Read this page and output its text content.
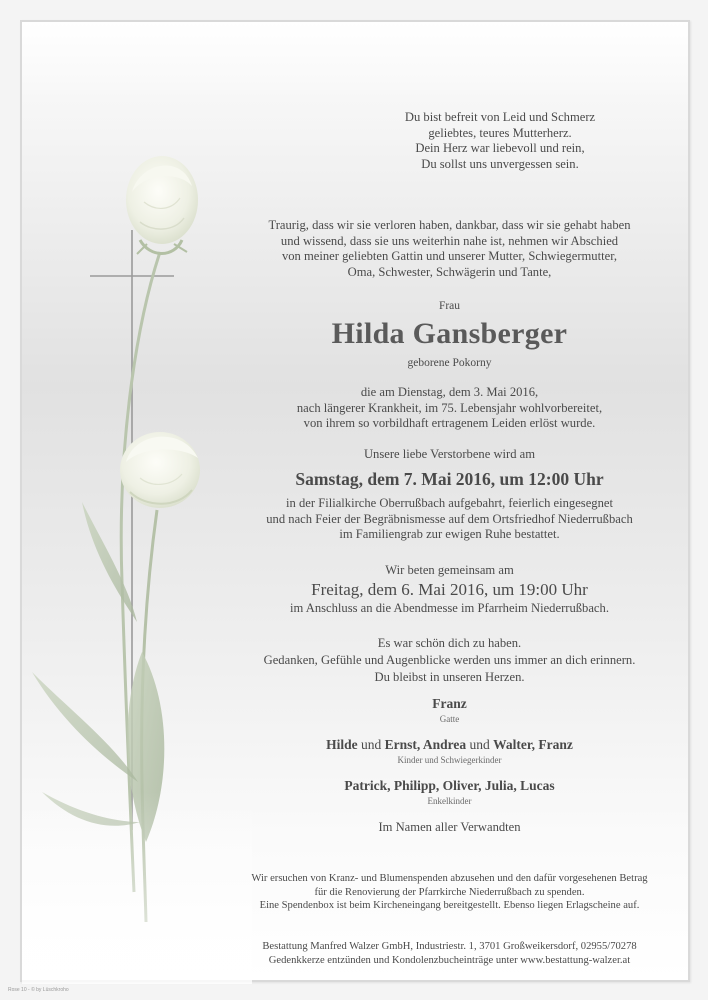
Du bist befreit von Leid und Schmerz

geliebtes, teures Mutterherz.

Dein Herz war liebevoll und rein,

Du sollst uns unvergessen sein.

Traurig, dass wir sie verloren haben, dankbar, dass wir sie gehabt haben

und wissend, dass sie uns weiterhin nahe ist, nehmen wir Abschied

von meiner geliebten Gattin und unserer Mutter, Schwiegermutter,

Oma, Schwester, Schwägerin und Tante,

Frau

Hilda Gansberger

geborene Pokorny

die am Dienstag, dem 3. Mai 2016,

nach längerer Krankheit, im 75. Lebensjahr wohlvorbereitet,

von ihrem so vorbildhaft ertragenem Leiden erlöst wurde.

Unsere liebe Verstorbene wird am

Samstag, dem 7. Mai 2016, um 12:00 Uhr

in der Filialkirche Oberrußbach aufgebahrt, feierlich eingesegnet

und nach Feier der Begräbnismesse auf dem Ortsfriedhof Niederrußbach

im Familiengrab zur ewigen Ruhe bestattet.

Wir beten gemeinsam am

Freitag, dem 6. Mai 2016, um 19:00 Uhr

im Anschluss an die Abendmesse im Pfarrheim Niederrußbach.

Es war schön dich zu haben.

Gedanken, Gefühle und Augenblicke werden uns immer an dich erinnern.

Du bleibst in unseren Herzen.

Franz

Gatte

Hilde und Ernst, Andrea und Walter, Franz

Kinder und Schwiegerkinder

Patrick, Philipp, Oliver, Julia, Lucas

Enkelkinder

Im Namen aller Verwandten

Wir ersuchen von Kranz- und Blumenspenden abzusehen und den dafür vorgesehenen Betrag

für die Renovierung der Pfarrkirche Niederrußbach zu spenden.

Eine Spendenbox ist beim Kircheneingang bereitgestellt. Ebenso liegen Erlagscheine auf.

Bestattung Manfred Walzer GmbH, Industriestr. 1, 3701 Großweikersdorf, 02955/70278

Gedenkkerze entzünden und Kondolenzbucheinträge unter www.bestattung-walzer.at

Rose 10 - © by Lüschkroho
